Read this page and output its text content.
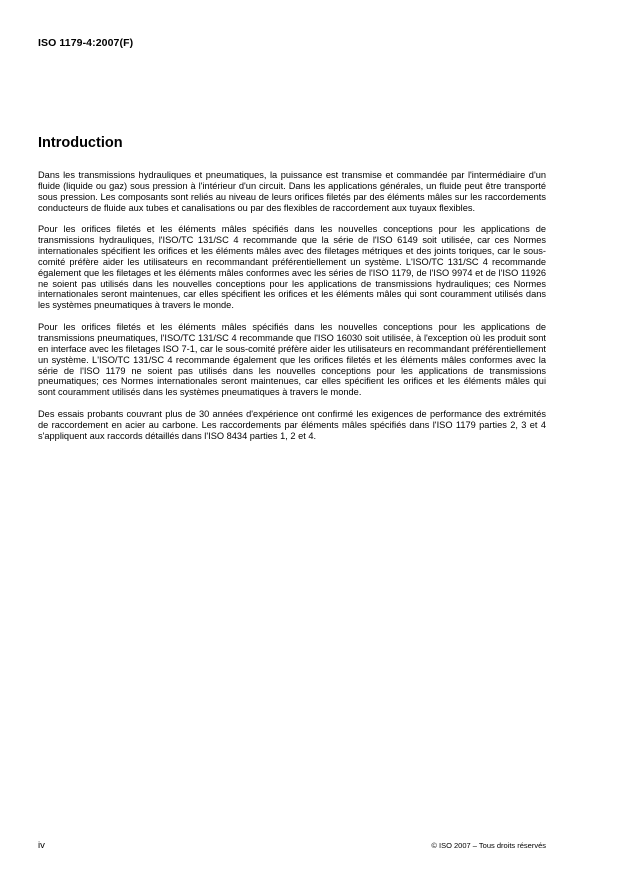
ISO 1179-4:2007(F)
Introduction

Dans les transmissions hydrauliques et pneumatiques, la puissance est transmise et commandée par l'intermédiaire d'un fluide (liquide ou gaz) sous pression à l'intérieur d'un circuit. Dans les applications générales, un fluide peut être transporté sous pression. Les composants sont reliés au niveau de leurs orifices filetés par des éléments mâles sur les raccordements conducteurs de fluide aux tubes et canalisations ou par des flexibles de raccordement aux tuyaux flexibles.

Pour les orifices filetés et les éléments mâles spécifiés dans les nouvelles conceptions pour les applications de transmissions hydrauliques, l'ISO/TC 131/SC 4 recommande que la série de l'ISO 6149 soit utilisée, car ces Normes internationales spécifient les orifices et les éléments mâles avec des filetages métriques et des joints toriques, car le sous-comité préfère aider les utilisateurs en recommandant préférentiellement un système. L'ISO/TC 131/SC 4 recommande également que les filetages et les éléments mâles conformes avec les séries de l'ISO 1179, de l'ISO 9974 et de l'ISO 11926 ne soient pas utilisés dans les nouvelles conceptions pour les applications de transmissions hydrauliques; ces Normes internationales seront maintenues, car elles spécifient les orifices et les éléments mâles qui sont couramment utilisés dans les systèmes pneumatiques à travers le monde.

Pour les orifices filetés et les éléments mâles spécifiés dans les nouvelles conceptions pour les applications de transmissions pneumatiques, l'ISO/TC 131/SC 4 recommande que l'ISO 16030 soit utilisée, à l'exception où les produit sont en interface avec les filetages ISO 7-1, car le sous-comité préfère aider les utilisateurs en recommandant préférentiellement un système. L'ISO/TC 131/SC 4 recommande également que les orifices filetés et les éléments mâles conformes avec la série de l'ISO 1179 ne soient pas utilisés dans les nouvelles conceptions pour les applications de transmissions pneumatiques; ces Normes internationales seront maintenues, car elles spécifient les orifices et les éléments mâles qui sont couramment utilisés dans les systèmes pneumatiques à travers le monde.

Des essais probants couvrant plus de 30 années d'expérience ont confirmé les exigences de performance des extrémités de raccordement en acier au carbone. Les raccordements par éléments mâles spécifiés dans l'ISO 1179 parties 2, 3 et 4 s'appliquent aux raccords détaillés dans l'ISO 8434 parties 1, 2 et 4.

iv	© ISO 2007 – Tous droits réservés
